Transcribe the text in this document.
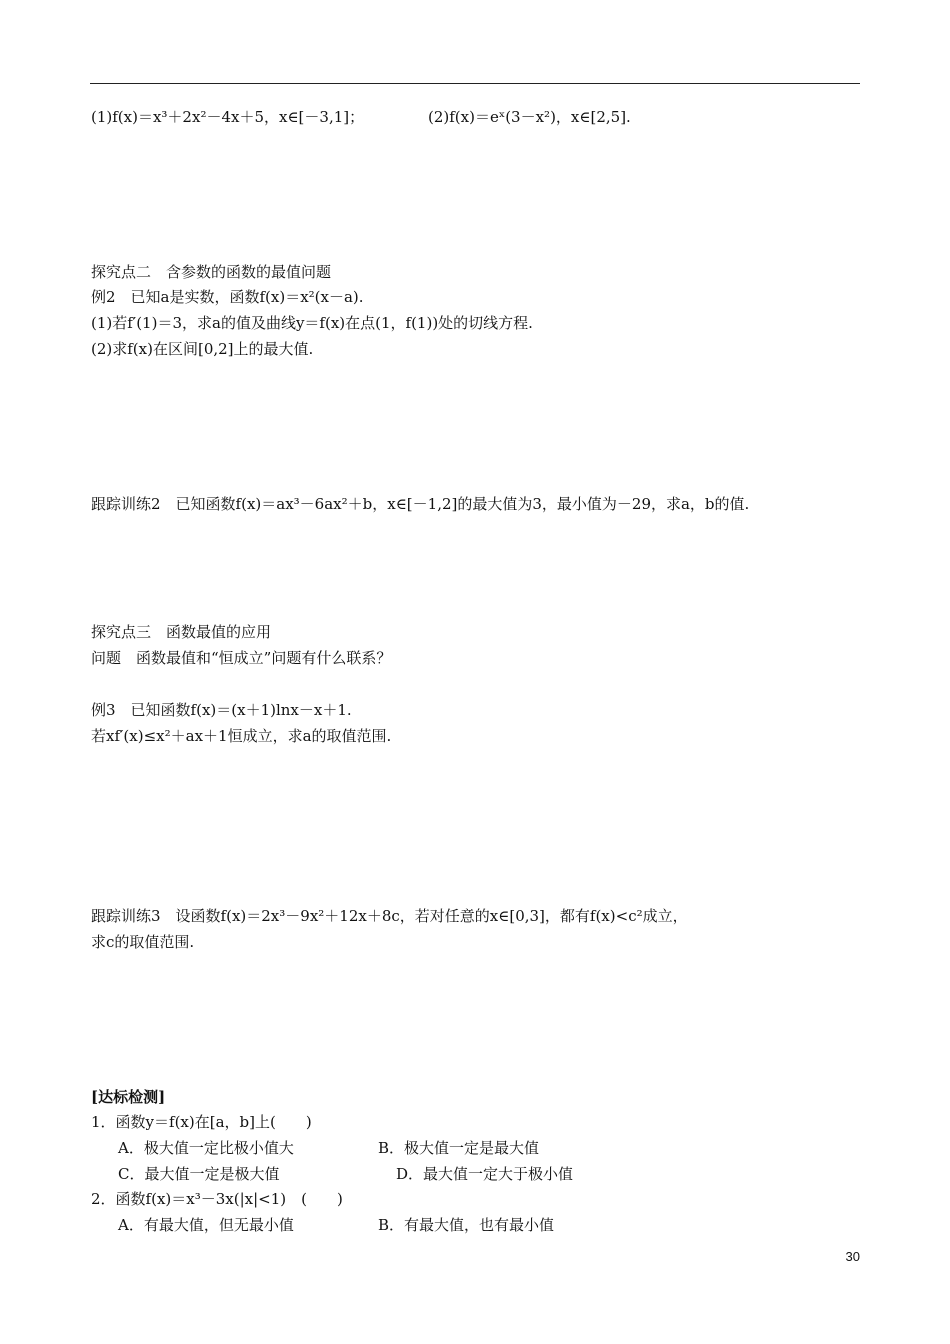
(1)f(x)＝x³＋2x²－4x＋5，x∈[－3,1]；	(2)f(x)＝eˣ(3－x²)，x∈[2,5].
探究点二　含参数的函数的最值问题
例2　已知a是实数，函数f(x)＝x²(x－a).
(1)若f′(1)＝3，求a的值及曲线y＝f(x)在点(1，f(1))处的切线方程.
(2)求f(x)在区间[0,2]上的最大值.
跟踪训练2　已知函数f(x)＝ax³－6ax²＋b，x∈[－1,2]的最大值为3，最小值为－29，求a，b的值.
探究点三　函数最值的应用
问题　函数最值和“恒成立”问题有什么联系？
例3　已知函数f(x)＝(x＋1)lnx－x＋1.
若xf′(x)≤x²＋ax＋1恒成立，求a的取值范围.
跟踪训练3　设函数f(x)＝2x³－9x²＋12x＋8c，若对任意的x∈[0,3]，都有f(x)<c²成立，
求c的取值范围.
[达标检测]
1．函数y＝f(x)在[a，b]上(　　)
A．极大值一定比极小值大	B．极大值一定是最大值
C．最大值一定是极大值	D．最大值一定大于极小值
2．函数f(x)＝x³－3x(|x|<1)　(　　)
A．有最大值，但无最小值	B．有最大值，也有最小值
30
